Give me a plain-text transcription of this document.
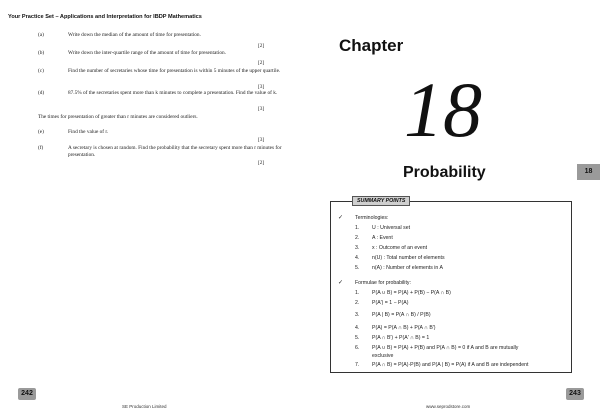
Your Practice Set – Applications and Interpretation for IBDP Mathematics
(a)	Write down the median of the amount of time for presentation.
[2]
(b)	Write down the inter-quartile range of the amount of time for presentation.
[2]
(c)	Find the number of secretaries whose time for presentation is within 5 minutes of the upper quartile.
[3]
(d)	87.5% of the secretaries spent more than k minutes to complete a presentation. Find the value of k.
[3]
The times for presentation of greater than r minutes are considered outliers.
(e)	Find the value of r.
[3]
(f)	A secretary is chosen at random. Find the probability that the secretary spent more than r minutes for presentation.
[2]
242
SE Production Limited
Chapter
18
Probability	18
SUMMARY POINTS
✓ Terminologies:
1. U : Universal set
2. A : Event
3. x : Outcome of an event
4. n(U) : Total number of elements
5. n(A) : Number of elements in A
✓ Formulae for probability:
1. P(A ∪ B) = P(A) + P(B) − P(A ∩ B)
2. P(A′) = 1 − P(A)
3. P(A | B) = P(A ∩ B) / P(B)
4. P(A) = P(A ∩ B) + P(A ∩ B′)
5. P(A ∩ B′) + P(A′ ∩ B) = 1
6. P(A ∪ B) = P(A) + P(B) and P(A ∩ B) = 0 if A and B are mutually
exclusive
7. P(A ∩ B) = P(A)·P(B) and P(A | B) = P(A) if A and B are independent
243
www.seprodstore.com
